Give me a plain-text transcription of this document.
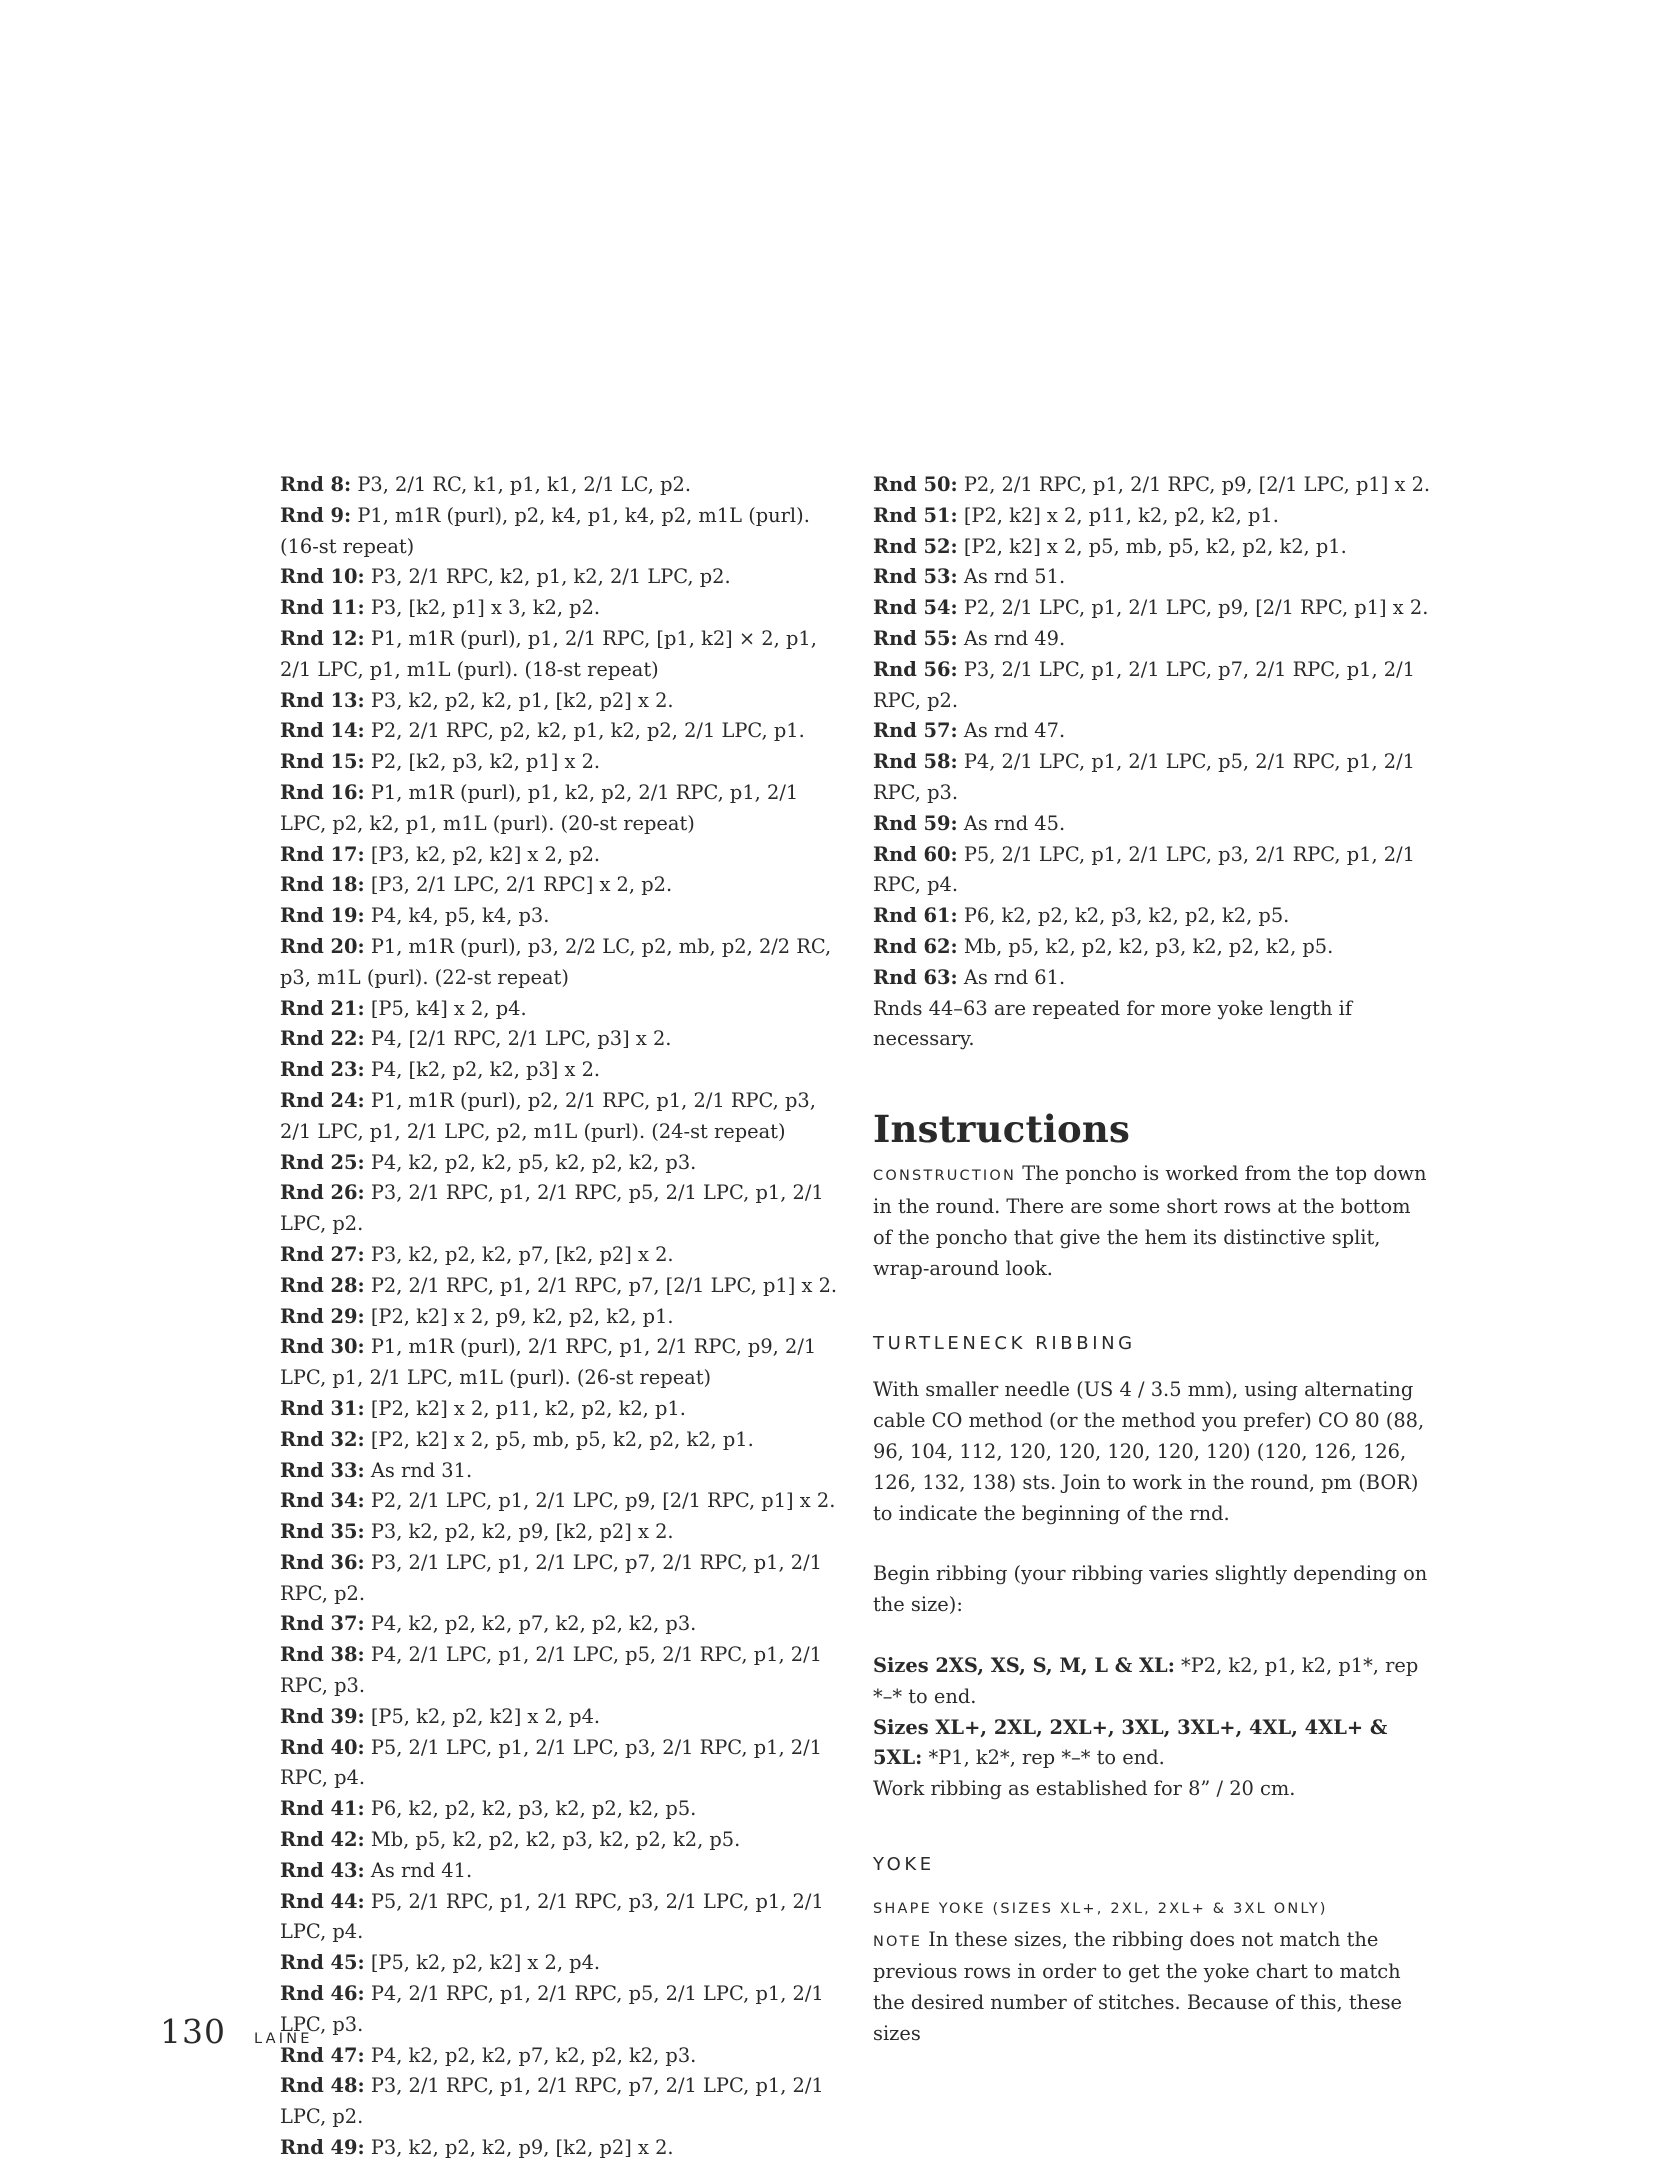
Rnd 8: P3, 2/1 RC, k1, p1, k1, 2/1 LC, p2.
Rnd 9: P1, m1R (purl), p2, k4, p1, k4, p2, m1L (purl). (16-st repeat)
Rnd 10: P3, 2/1 RPC, k2, p1, k2, 2/1 LPC, p2.
Rnd 11: P3, [k2, p1] x 3, k2, p2.
Rnd 12: P1, m1R (purl), p1, 2/1 RPC, [p1, k2] × 2, p1, 2/1 LPC, p1, m1L (purl). (18-st repeat)
Rnd 13: P3, k2, p2, k2, p1, [k2, p2] x 2.
Rnd 14: P2, 2/1 RPC, p2, k2, p1, k2, p2, 2/1 LPC, p1.
Rnd 15: P2, [k2, p3, k2, p1] x 2.
Rnd 16: P1, m1R (purl), p1, k2, p2, 2/1 RPC, p1, 2/1 LPC, p2, k2, p1, m1L (purl). (20-st repeat)
Rnd 17: [P3, k2, p2, k2] x 2, p2.
Rnd 18: [P3, 2/1 LPC, 2/1 RPC] x 2, p2.
Rnd 19: P4, k4, p5, k4, p3.
Rnd 20: P1, m1R (purl), p3, 2/2 LC, p2, mb, p2, 2/2 RC, p3, m1L (purl). (22-st repeat)
Rnd 21: [P5, k4] x 2, p4.
Rnd 22: P4, [2/1 RPC, 2/1 LPC, p3] x 2.
Rnd 23: P4, [k2, p2, k2, p3] x 2.
Rnd 24: P1, m1R (purl), p2, 2/1 RPC, p1, 2/1 RPC, p3, 2/1 LPC, p1, 2/1 LPC, p2, m1L (purl). (24-st repeat)
Rnd 25: P4, k2, p2, k2, p5, k2, p2, k2, p3.
Rnd 26: P3, 2/1 RPC, p1, 2/1 RPC, p5, 2/1 LPC, p1, 2/1 LPC, p2.
Rnd 27: P3, k2, p2, k2, p7, [k2, p2] x 2.
Rnd 28: P2, 2/1 RPC, p1, 2/1 RPC, p7, [2/1 LPC, p1] x 2.
Rnd 29: [P2, k2] x 2, p9, k2, p2, k2, p1.
Rnd 30: P1, m1R (purl), 2/1 RPC, p1, 2/1 RPC, p9, 2/1 LPC, p1, 2/1 LPC, m1L (purl). (26-st repeat)
Rnd 31: [P2, k2] x 2, p11, k2, p2, k2, p1.
Rnd 32: [P2, k2] x 2, p5, mb, p5, k2, p2, k2, p1.
Rnd 33: As rnd 31.
Rnd 34: P2, 2/1 LPC, p1, 2/1 LPC, p9, [2/1 RPC, p1] x 2.
Rnd 35: P3, k2, p2, k2, p9, [k2, p2] x 2.
Rnd 36: P3, 2/1 LPC, p1, 2/1 LPC, p7, 2/1 RPC, p1, 2/1 RPC, p2.
Rnd 37: P4, k2, p2, k2, p7, k2, p2, k2, p3.
Rnd 38: P4, 2/1 LPC, p1, 2/1 LPC, p5, 2/1 RPC, p1, 2/1 RPC, p3.
Rnd 39: [P5, k2, p2, k2] x 2, p4.
Rnd 40: P5, 2/1 LPC, p1, 2/1 LPC, p3, 2/1 RPC, p1, 2/1 RPC, p4.
Rnd 41: P6, k2, p2, k2, p3, k2, p2, k2, p5.
Rnd 42: Mb, p5, k2, p2, k2, p3, k2, p2, k2, p5.
Rnd 43: As rnd 41.
Rnd 44: P5, 2/1 RPC, p1, 2/1 RPC, p3, 2/1 LPC, p1, 2/1 LPC, p4.
Rnd 45: [P5, k2, p2, k2] x 2, p4.
Rnd 46: P4, 2/1 RPC, p1, 2/1 RPC, p5, 2/1 LPC, p1, 2/1 LPC, p3.
Rnd 47: P4, k2, p2, k2, p7, k2, p2, k2, p3.
Rnd 48: P3, 2/1 RPC, p1, 2/1 RPC, p7, 2/1 LPC, p1, 2/1 LPC, p2.
Rnd 49: P3, k2, p2, k2, p9, [k2, p2] x 2.
Rnd 50: P2, 2/1 RPC, p1, 2/1 RPC, p9, [2/1 LPC, p1] x 2.
Rnd 51: [P2, k2] x 2, p11, k2, p2, k2, p1.
Rnd 52: [P2, k2] x 2, p5, mb, p5, k2, p2, k2, p1.
Rnd 53: As rnd 51.
Rnd 54: P2, 2/1 LPC, p1, 2/1 LPC, p9, [2/1 RPC, p1] x 2.
Rnd 55: As rnd 49.
Rnd 56: P3, 2/1 LPC, p1, 2/1 LPC, p7, 2/1 RPC, p1, 2/1 RPC, p2.
Rnd 57: As rnd 47.
Rnd 58: P4, 2/1 LPC, p1, 2/1 LPC, p5, 2/1 RPC, p1, 2/1 RPC, p3.
Rnd 59: As rnd 45.
Rnd 60: P5, 2/1 LPC, p1, 2/1 LPC, p3, 2/1 RPC, p1, 2/1 RPC, p4.
Rnd 61: P6, k2, p2, k2, p3, k2, p2, k2, p5.
Rnd 62: Mb, p5, k2, p2, k2, p3, k2, p2, k2, p5.
Rnd 63: As rnd 61.
Rnds 44–63 are repeated for more yoke length if necessary.
Instructions
CONSTRUCTION The poncho is worked from the top down in the round. There are some short rows at the bottom of the poncho that give the hem its distinctive split, wrap-around look.
TURTLENECK RIBBING
With smaller needle (US 4 / 3.5 mm), using alternating cable CO method (or the method you prefer) CO 80 (88, 96, 104, 112, 120, 120, 120, 120, 120) (120, 126, 126, 126, 132, 138) sts. Join to work in the round, pm (BOR) to indicate the beginning of the rnd.
Begin ribbing (your ribbing varies slightly depending on the size):
Sizes 2XS, XS, S, M, L & XL: *P2, k2, p1, k2, p1*, rep *–* to end.
Sizes XL+, 2XL, 2XL+, 3XL, 3XL+, 4XL, 4XL+ & 5XL: *P1, k2*, rep *–* to end.
Work ribbing as established for 8” / 20 cm.
YOKE
SHAPE YOKE (SIZES XL+, 2XL, 2XL+ & 3XL ONLY)
NOTE In these sizes, the ribbing does not match the previous rows in order to get the yoke chart to match the desired number of stitches. Because of this, these sizes
130 LAINE
